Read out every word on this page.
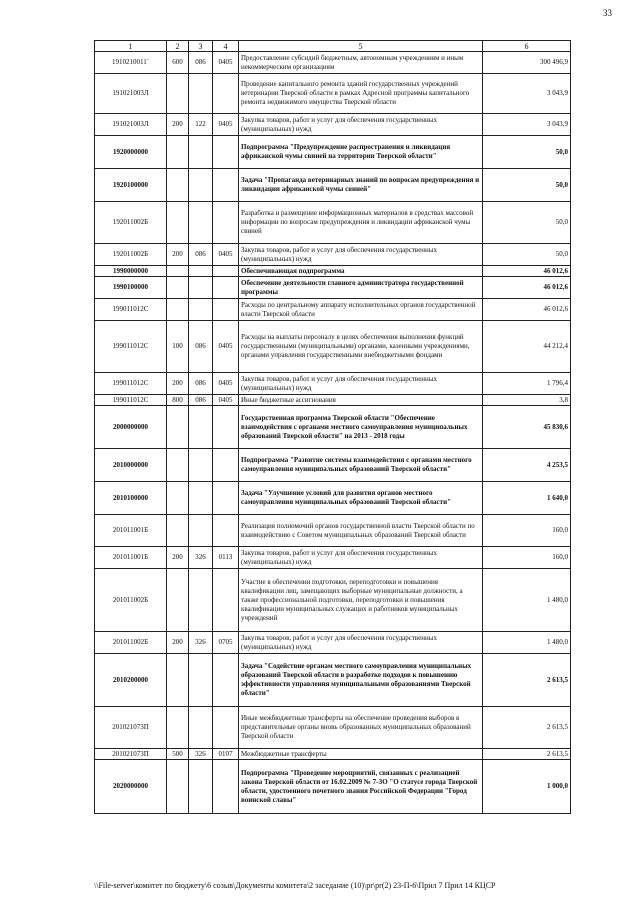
33
1	2	3	4	5	6
1910210011`	600	086	0405	Предоставление субсидий бюджетным, автономным учреждениям и иным некоммерческим организациям	300 496,9
191021003Л				Проведение капитального ремонта зданий государственных учреждений ветеринарии Тверской области в рамках Адресной программы капитального ремонта недвижимого имущества Тверской области	3 043,9
191021003Л	200	122	0405	Закупка товаров, работ и услуг для обеспечения государственных (муниципальных) нужд	3 043,9
1920000000				Подпрограмма "Предупреждение распространения и ликвидация африканской чумы свиней на территории Тверской области"	50,0
1920100000				Задача "Пропаганда ветеринарных знаний по вопросам предупреждения и ликвидации африканской чумы свиней"	50,0
192011002Б				Разработка и размещение информационных материалов в средствах массовой информации по вопросам предупреждения и ликвидации африканской чумы свиней	50,0
192011002Б	200	086	0405	Закупка товаров, работ и услуг для обеспечения государственных (муниципальных) нужд	50,0
1990000000				Обеспечивающая подпрограмма	46 012,6
1990100000				Обеспечение деятельности главного администратора государственной программы	46 012,6
199011012С				Расходы по центральному аппарату исполнительных органов государственной власти Тверской области	46 012,6
199011012С	100	086	0405	Расходы на выплаты персоналу в целях обеспечения выполнения функций государственными (муниципальными) органами, казенными учреждениями, органами управления государственными внебюджетными фондами	44 212,4
199011012С	200	086	0405	Закупка товаров, работ и услуг для обеспечения государственных (муниципальных) нужд	1 796,4
199011012С	800	086	0405	Иные бюджетные ассигнования	3,8
2000000000				Государственная программа Тверской области "Обеспечение взаимодействия с органами местного самоуправления муниципальных образований Тверской области" на 2013 - 2018 годы	45 830,6
2010000000				Подпрограмма "Развитие системы взаимодействия с органами местного самоуправления муниципальных образований Тверской области"	4 253,5
2010100000				Задача "Улучшение условий для развития органов местного самоуправления муниципальных образований Тверской области"	1 640,0
201011001Б				Реализация полномочий органов государственной власти Тверской области по взаимодействию с Советом муниципальных образований Тверской области	160,0
201011001Б	200	326	0113	Закупка товаров, работ и услуг для обеспечения государственных (муниципальных) нужд	160,0
201011002Б				Участие в обеспечении подготовки, переподготовки и повышения квалификации лиц, замещающих выборные муниципальные должности, а также профессиональной подготовки, переподготовки и повышения квалификации муниципальных служащих и работников муниципальных учреждений	1 480,0
201011002Б	200	326	0705	Закупка товаров, работ и услуг для обеспечения государственных (муниципальных) нужд	1 480,0
2010200000				Задача "Содействие органам местного самоуправления муниципальных образований Тверской области в разработке подходов к повышению эффективности управления муниципальными образованиями Тверской области"	2 613,5
201021073П				Иные межбюджетные трансферты на обеспечение проведения выборов в представительные органы вновь образованных муниципальных образований Тверской области	2 613,5
201021073П	500	326	0107	Межбюджетные трансферты	2 613,5
2020000000				Подпрограмма "Проведение мероприятий, связанных с реализацией закона Тверской области от 16.02.2009 № 7-ЗО "О статусе города Тверской области, удостоенного почетного звания Российской Федерации "Город воинской славы"	1 000,0
\\File-server\комитет по бюджету\6 созыв\Документы комитета\2 заседание (10)\pr\pr(2) 23-П-6\Прил 7 Прил 14 КЦСР
